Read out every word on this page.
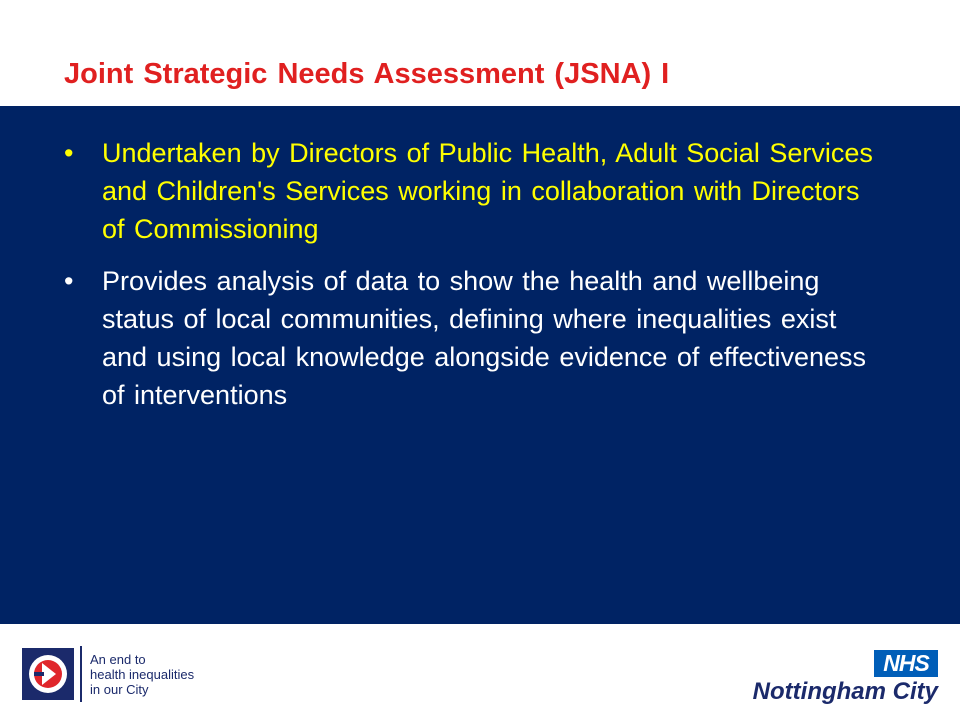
Joint Strategic Needs Assessment (JSNA) I
•	Undertaken by Directors of Public Health, Adult Social Services and Children's Services working in collaboration with Directors of Commissioning
•	Provides analysis of data to show the health and wellbeing status of local communities, defining where inequalities exist and using local knowledge alongside evidence of effectiveness of interventions
An end to
health inequalities
in our City
NHS
Nottingham City
